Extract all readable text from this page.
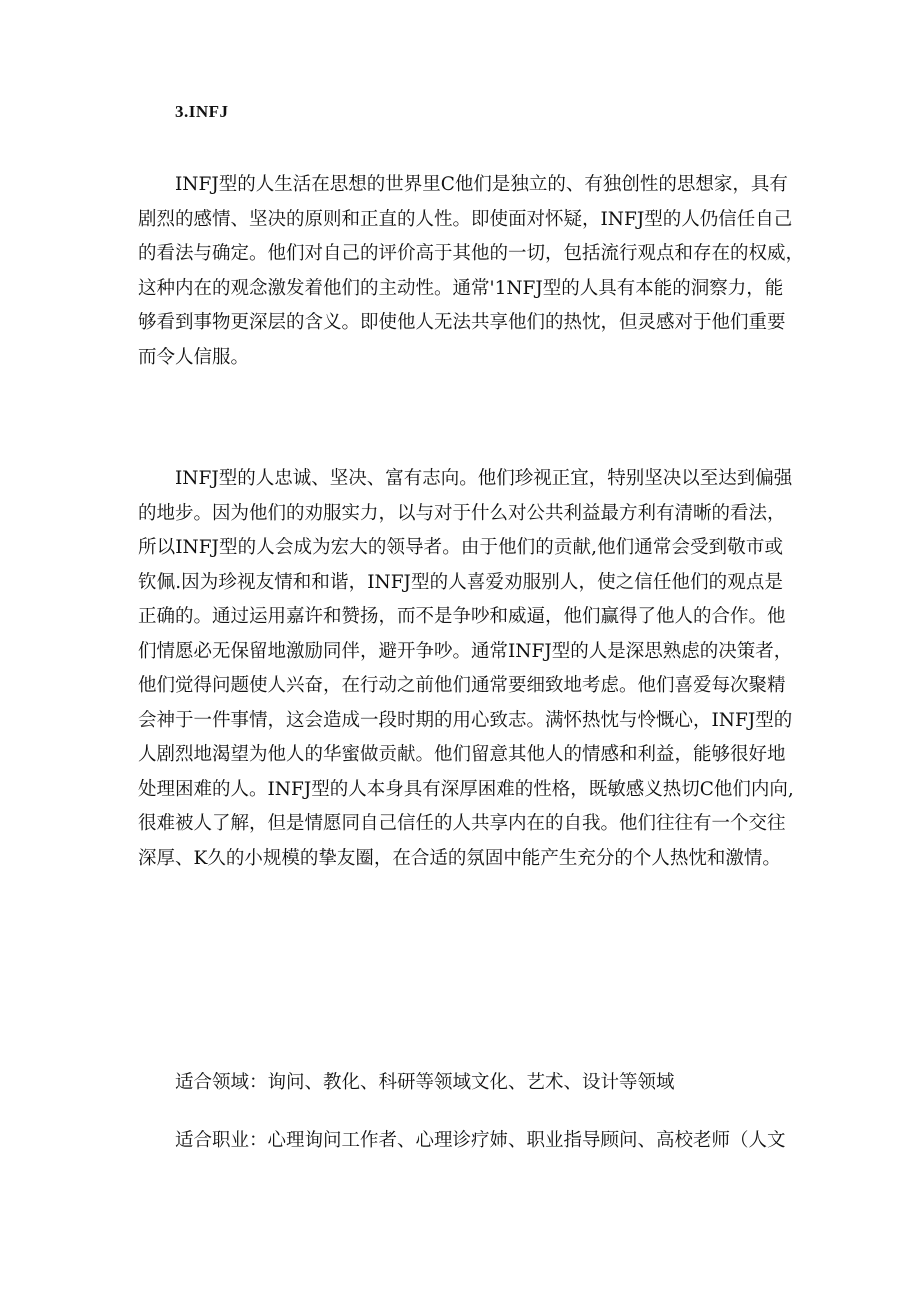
3.INFJ
INFJ型的人生活在思想的世界里C他们是独立的、有独创性的思想家，具有
剧烈的感情、坚决的原则和正直的人性。即使面对怀疑，INFJ型的人仍信任自己
的看法与确定。他们对自己的评价高于其他的一切，包括流行观点和存在的权威，
这种内在的观念激发着他们的主动性。通常'1NFJ型的人具有本能的洞察力，能
够看到事物更深层的含义。即使他人无法共享他们的热忱，但灵感对于他们重要
而令人信服。
INFJ型的人忠诚、坚决、富有志向。他们珍视正宜，特别坚决以至达到偏强
的地步。因为他们的劝服实力，以与对于什么对公共利益最方利有清晰的看法，
所以INFJ型的人会成为宏大的领导者。由于他们的贡献,他们通常会受到敬市或
钦佩.因为珍视友情和和谐，INFJ型的人喜爱劝服别人，使之信任他们的观点是
正确的。通过运用嘉许和赞扬，而不是争吵和威逼，他们赢得了他人的合作。他
们情愿必无保留地激励同伴，避开争吵。通常INFJ型的人是深思熟虑的决策者，
他们觉得问题使人兴奋，在行动之前他们通常要细致地考虑。他们喜爱每次聚精
会神于一件事情，这会造成一段时期的用心致志。满怀热忱与怜慨心，INFJ型的
人剧烈地渴望为他人的华蜜做贡献。他们留意其他人的情感和利益，能够很好地
处理困难的人。INFJ型的人本身具有深厚困难的性格，既敏感义热切C他们内向,
很难被人了解，但是情愿同自己信任的人共享内在的自我。他们往往有一个交往
深厚、K久的小规模的挚友圈，在合适的氛固中能产生充分的个人热忱和激情。

适合领域：询问、教化、科研等领域文化、艺术、设计等领域

适合职业：心理询问工作者、心理诊疗姉、职业指导顾问、高校老师（人文
